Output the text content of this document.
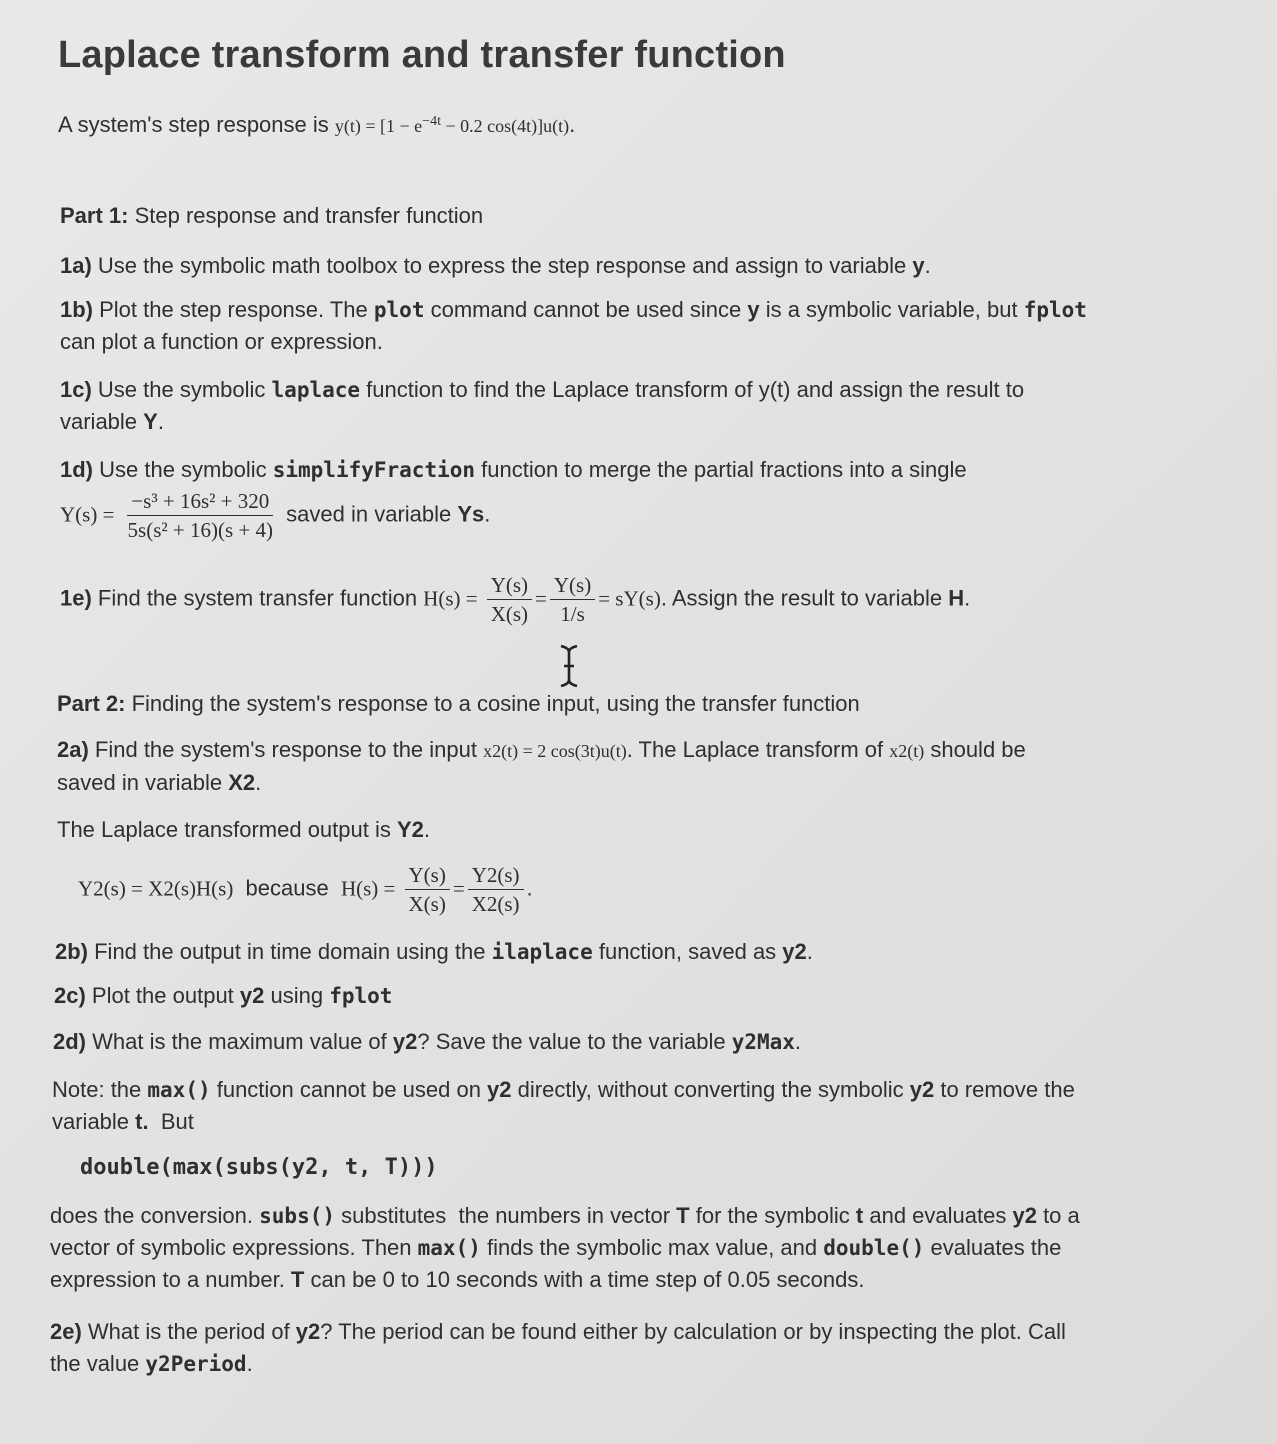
Laplace transform and transfer function
A system's step response is $y(t) = [1 - e^{-4t} - 0.2$ cos(4t)]u(t).
Part 1: Step response and transfer function
1a) Use the symbolic math toolbox to express the step response and assign to variable y.
1b) Plot the step response. The plot command cannot be used since y is a symbolic variable, but fplot
can plot a function or expression.
1c) Use the symbolic laplace function to find the Laplace transform of y(t) and assign the result to
variable Y.
1d) Use the symbolic simplifyFraction function to merge the partial fractions into a single
$Y(s) = \frac{\text{−s³ + 16s² + 320}}{\text{5s(s² + 16)(s + 4)}}$ saved in variable Ys.
1e) Find the system transfer function $H(s) = \frac{Y(s)}{X(s)} = \frac{Y(s)}{1/s} = sY(s)$. Assign the result to variable H.
Part 2: Finding the system's response to a cosine input, using the transfer function
2a) Find the system's response to the input x2(t) = 2 cos(3t)u(t). The Laplace transform of x2(t) should be
saved in variable X2.
The Laplace transformed output is Y2.
Y2(s) = X2(s)H(s)  because  $H(s) = \frac{Y(s)}{X(s)} = \frac{Y2(s)}{X2(s)}$ .
2b) Find the output in time domain using the ilaplace function, saved as y2.
2c) Plot the output y2 using fplot
2d) What is the maximum value of y2? Save the value to the variable y2Max.
Note: the max() function cannot be used on y2 directly, without converting the symbolic y2 to remove the
variable t.  But
double(max(subs(y2, t, T)))
does the conversion. subs() substitutes  the numbers in vector T for the symbolic t and evaluates y2 to a
vector of symbolic expressions. Then max() finds the symbolic max value, and double() evaluates the
expression to a number. T can be 0 to 10 seconds with a time step of 0.05 seconds.
2e) What is the period of y2? The period can be found either by calculation or by inspecting the plot. Call
the value y2Period.
